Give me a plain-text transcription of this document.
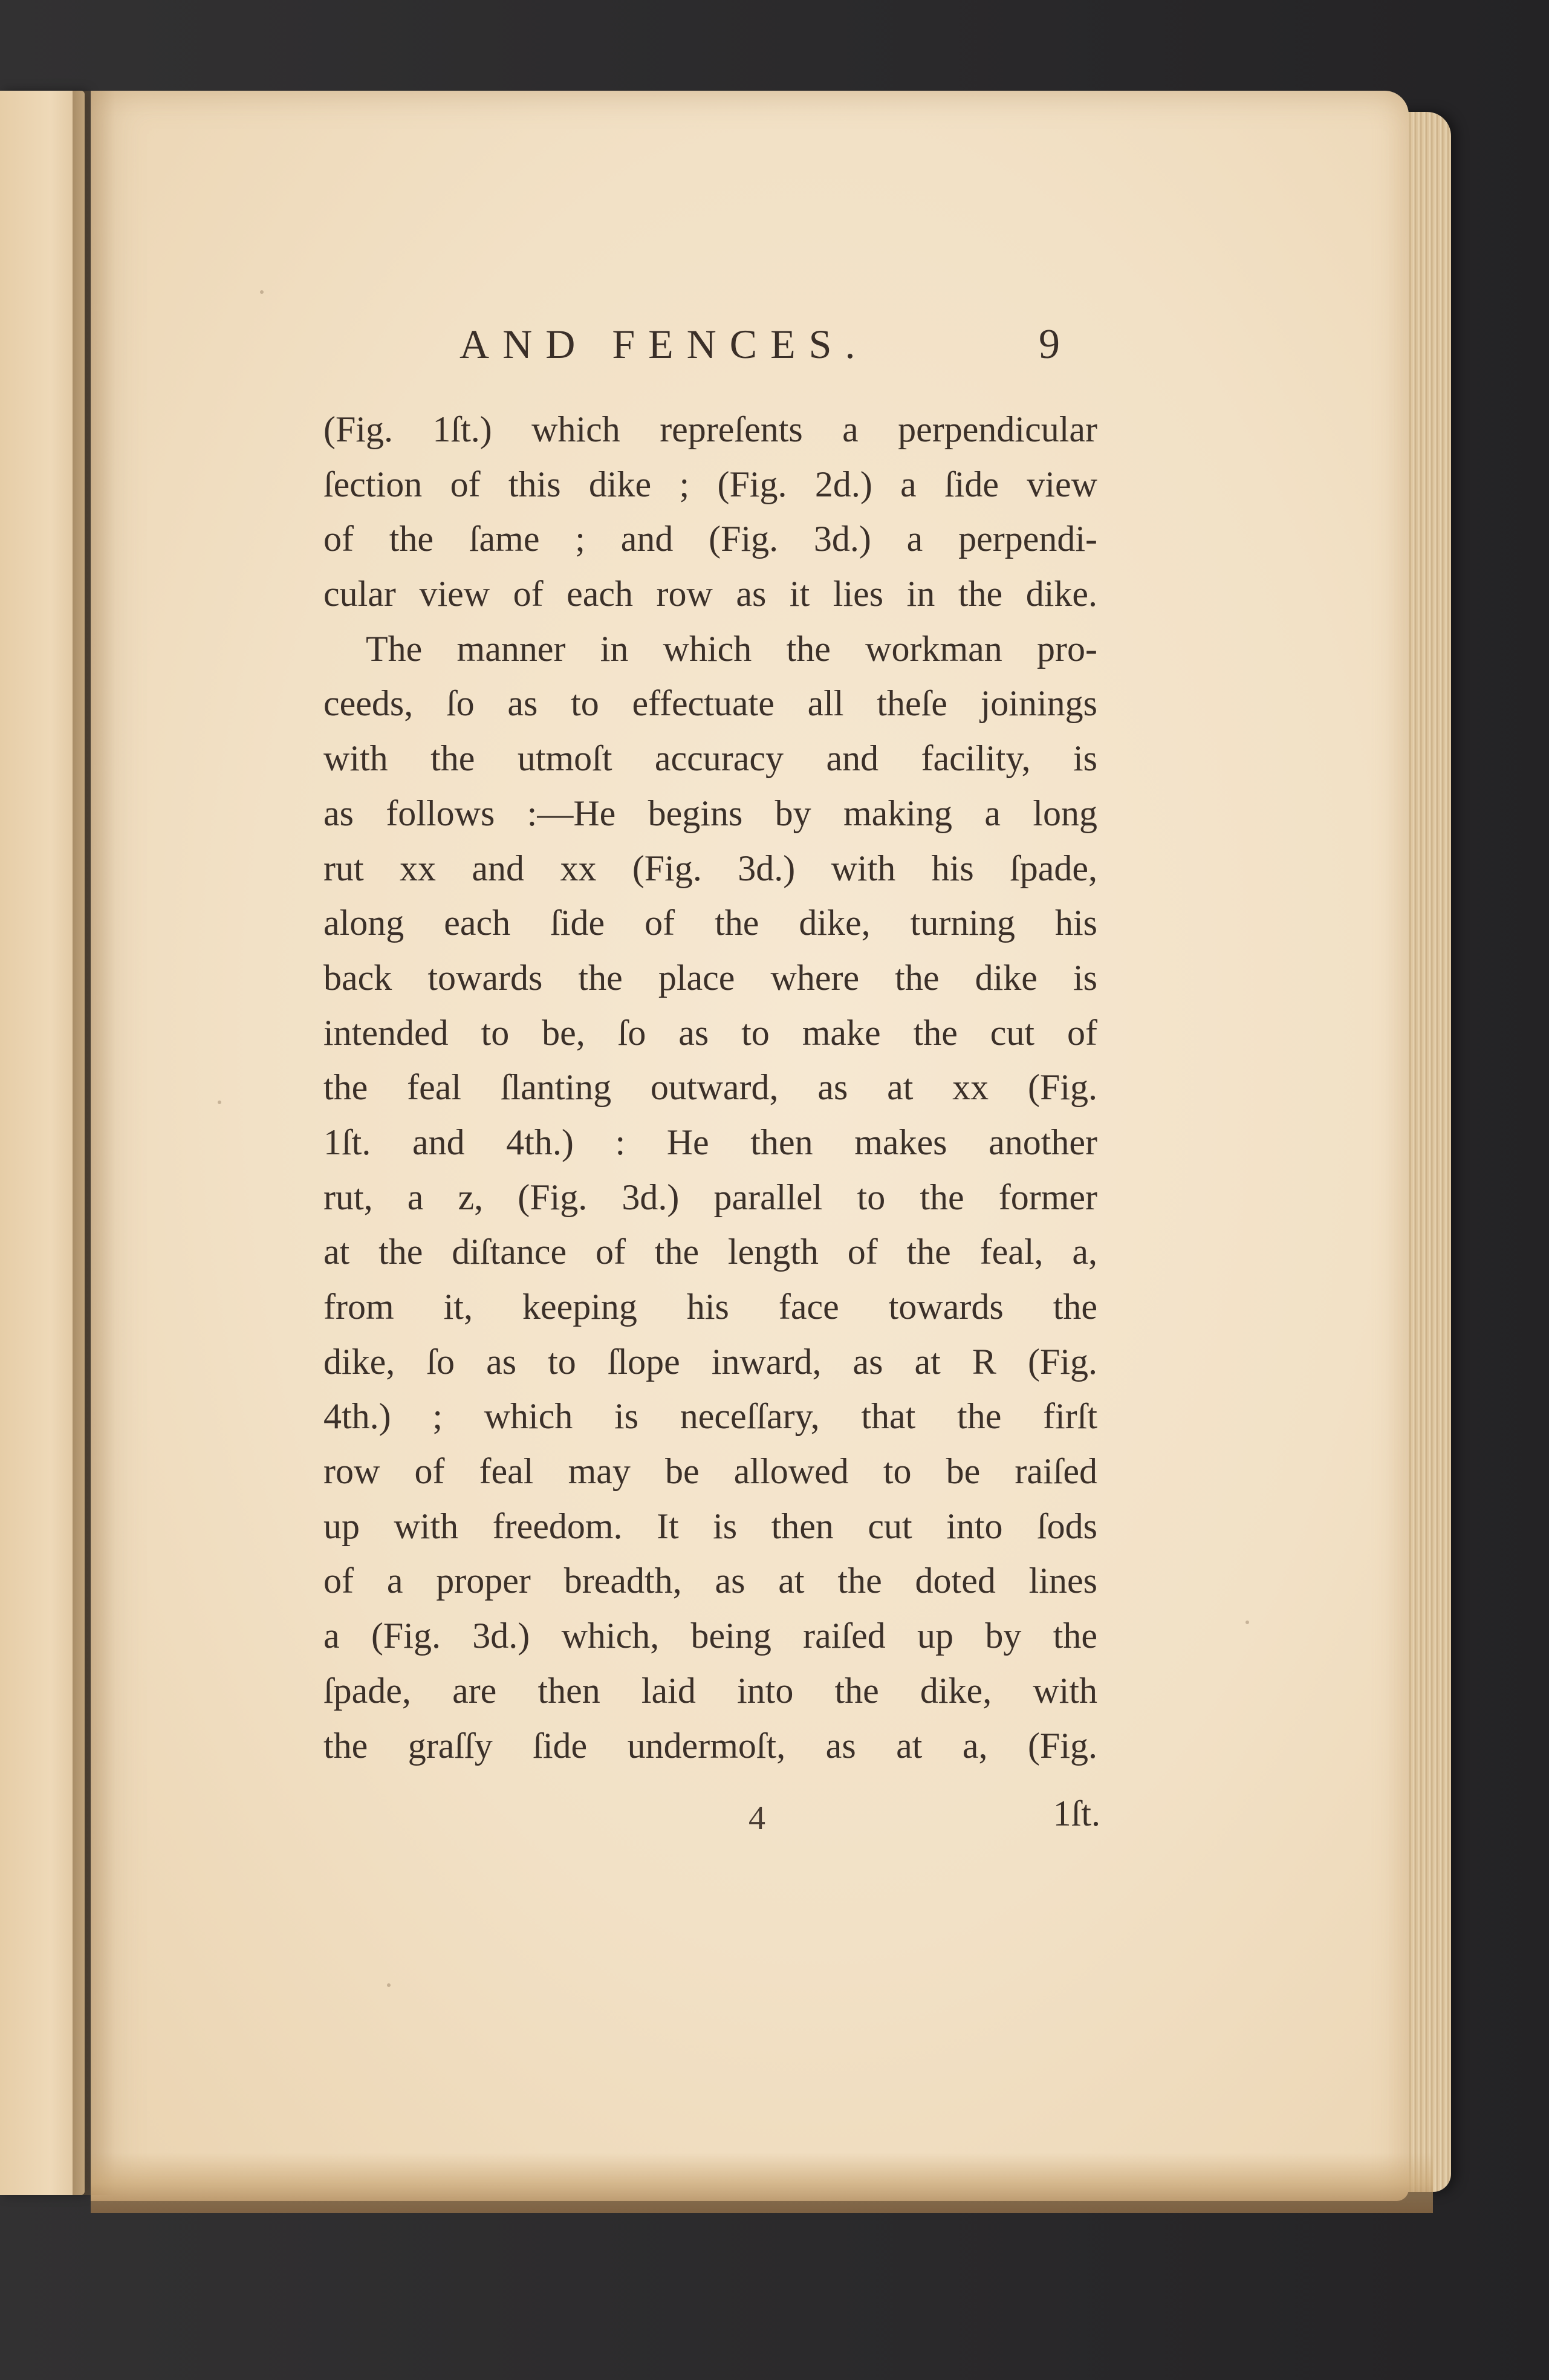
AND FENCES.	9
(Fig. 1ſt.) which repreſents a perpendicular
ſection of this dike ; (Fig. 2d.) a ſide view
of the ſame ; and (Fig. 3d.) a perpendi-
cular view of each row as it lies in the dike.
The manner in which the workman pro-
ceeds, ſo as to effectuate all theſe joinings
with the utmoſt accuracy and facility, is
as follows :—He begins by making a long
rut xx and xx (Fig. 3d.) with his ſpade,
along each ſide of the dike, turning his
back towards the place where the dike is
intended to be, ſo as to make the cut of
the feal ſlanting outward, as at xx (Fig.
1ſt. and 4th.) : He then makes another
rut, a z, (Fig. 3d.) parallel to the former
at the diſtance of the length of the feal, a,
from it, keeping his face towards the
dike, ſo as to ſlope inward, as at R (Fig.
4th.) ; which is neceſſary, that the firſt
row of feal may be allowed to be raiſed
up with freedom. It is then cut into ſods
of a proper breadth, as at the doted lines
a (Fig. 3d.) which, being raiſed up by the
ſpade, are then laid into the dike, with
the graſſy ſide undermoſt, as at a, (Fig.
4	1ſt.
